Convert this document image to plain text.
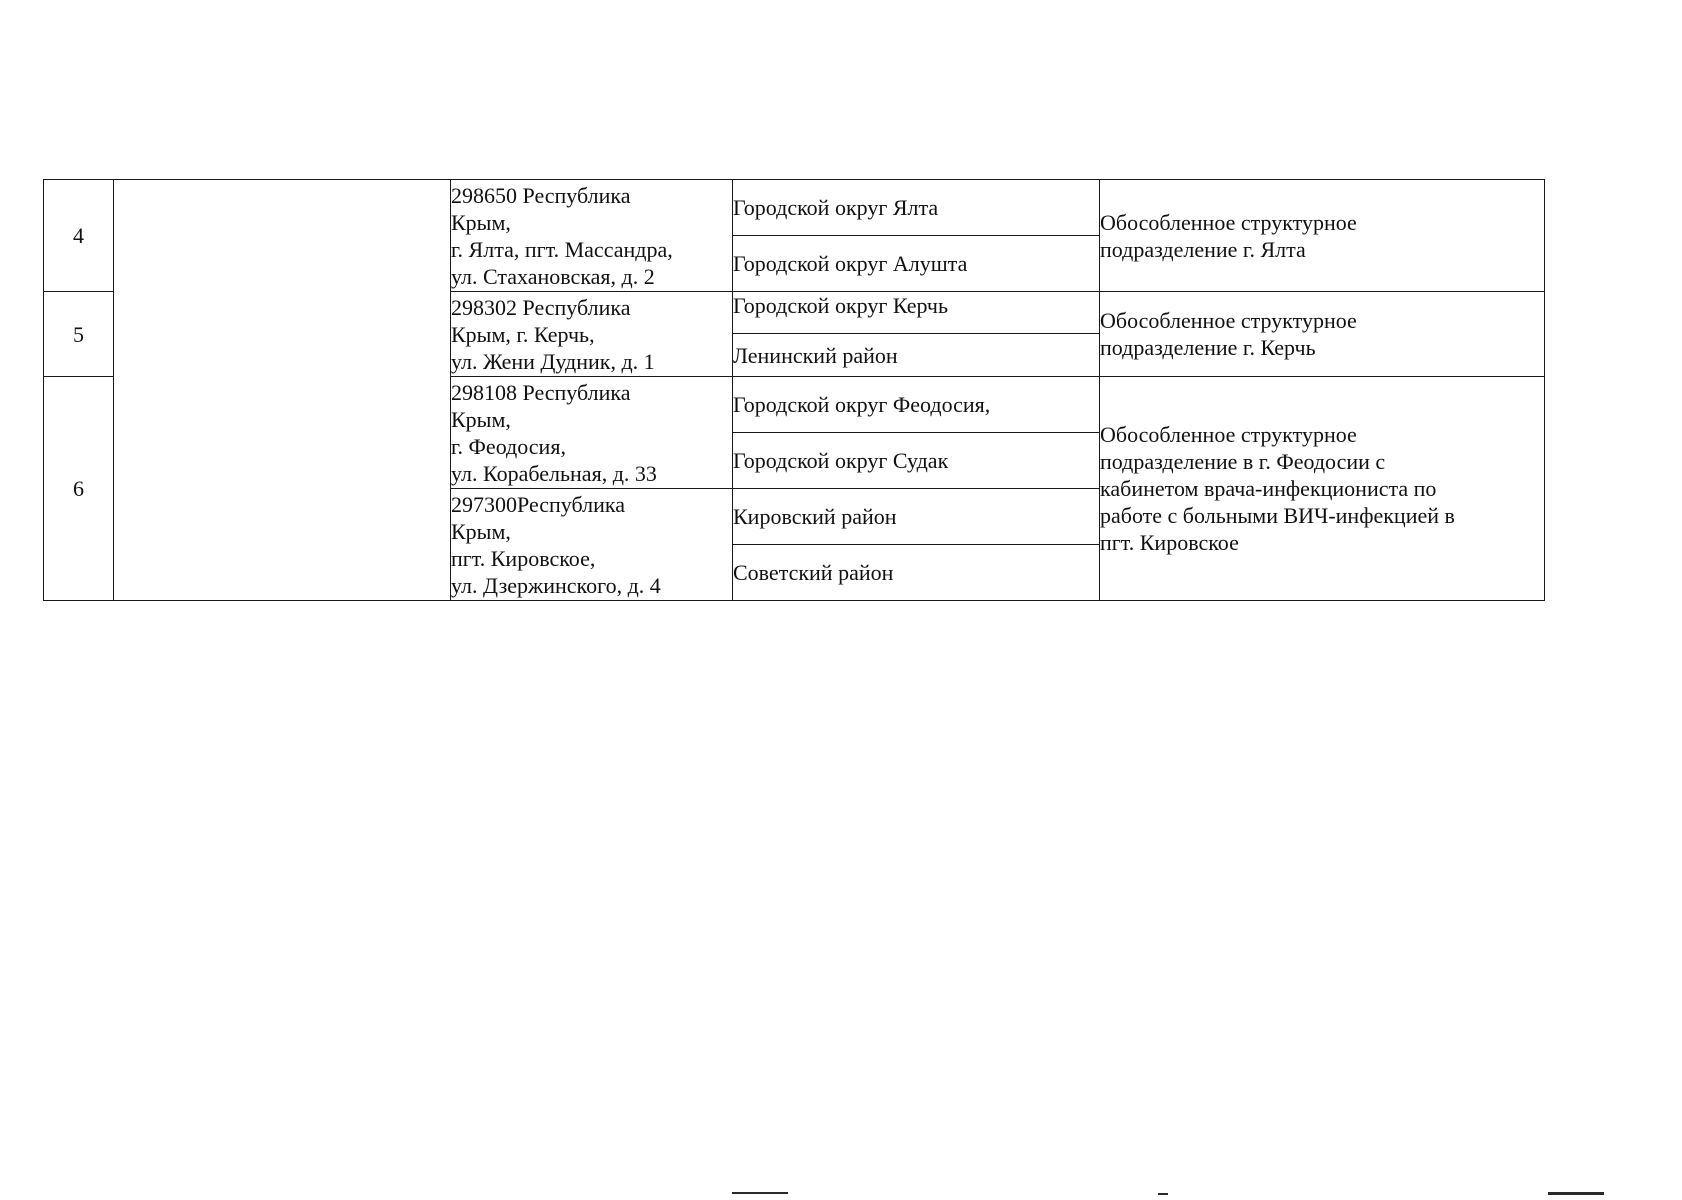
4		298650 Республика
Крым,
г. Ялта, пгт. Массандра,
ул. Стахановская, д. 2	Городской округ Ялта	Обособленное структурное
подразделение г. Ялта

			Городской округ Алушта	
5		298302 Республика
Крым, г. Керчь,
ул. Жени Дудник, д. 1	Городской округ Керчь	Обособленное структурное
подразделение г. Керчь

			Ленинский район	
6		298108 Республика
Крым,
г. Феодосия,
ул. Корабельная, д. 33	Городской округ Феодосия,	Обособленное структурное
подразделение в г. Феодосии с
кабинетом врача-инфекциониста по
работе с больными ВИЧ-инфекцией в
пгт. Кировское

			Городской округ Судак	

		297300Республика
Крым,
пгт. Кировское,
ул. Дзержинского, д. 4	Кировский район	
			Советский район	
